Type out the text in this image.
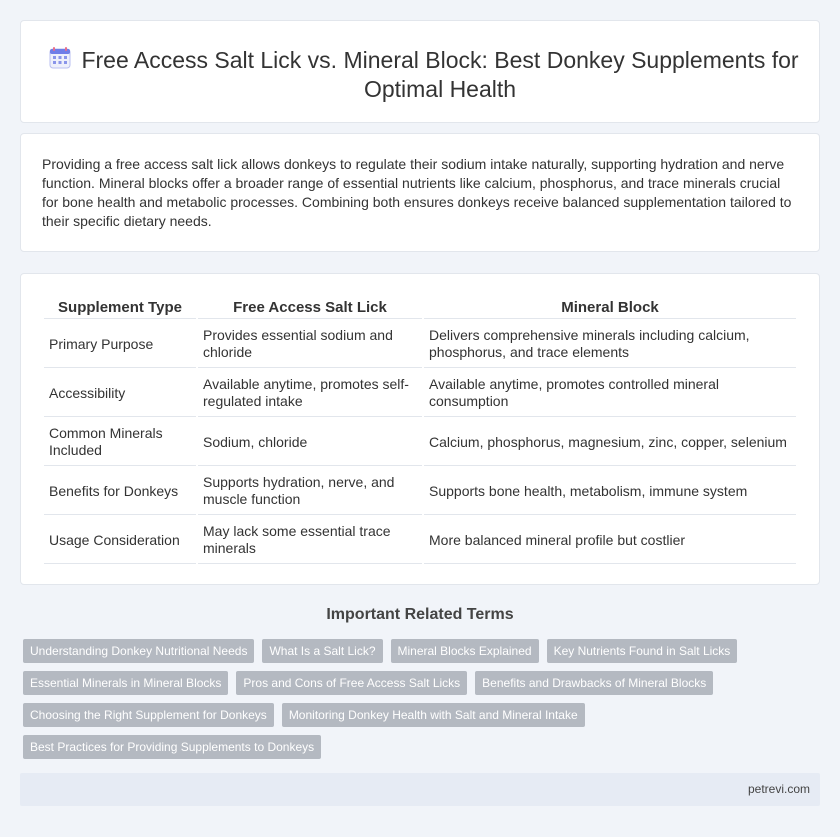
Free Access Salt Lick vs. Mineral Block: Best Donkey Supplements for Optimal Health

Providing a free access salt lick allows donkeys to regulate their sodium intake naturally, supporting hydration and nerve function. Mineral blocks offer a broader range of essential nutrients like calcium, phosphorus, and trace minerals crucial for bone health and metabolic processes. Combining both ensures donkeys receive balanced supplementation tailored to their specific dietary needs.

Supplement Type	Free Access Salt Lick	Mineral Block
Primary Purpose	Provides essential sodium and chloride	Delivers comprehensive minerals including calcium, phosphorus, and trace elements
Accessibility	Available anytime, promotes self-regulated intake	Available anytime, promotes controlled mineral consumption
Common Minerals Included	Sodium, chloride	Calcium, phosphorus, magnesium, zinc, copper, selenium
Benefits for Donkeys	Supports hydration, nerve, and muscle function	Supports bone health, metabolism, immune system
Usage Consideration	May lack some essential trace minerals	More balanced mineral profile but costlier
Important Related Terms
Understanding Donkey Nutritional Needs	What Is a Salt Lick?	Mineral Blocks Explained	Key Nutrients Found in Salt Licks
Essential Minerals in Mineral Blocks	Pros and Cons of Free Access Salt Licks	Benefits and Drawbacks of Mineral Blocks
Choosing the Right Supplement for Donkeys	Monitoring Donkey Health with Salt and Mineral Intake
Best Practices for Providing Supplements to Donkeys
petrevi.com
